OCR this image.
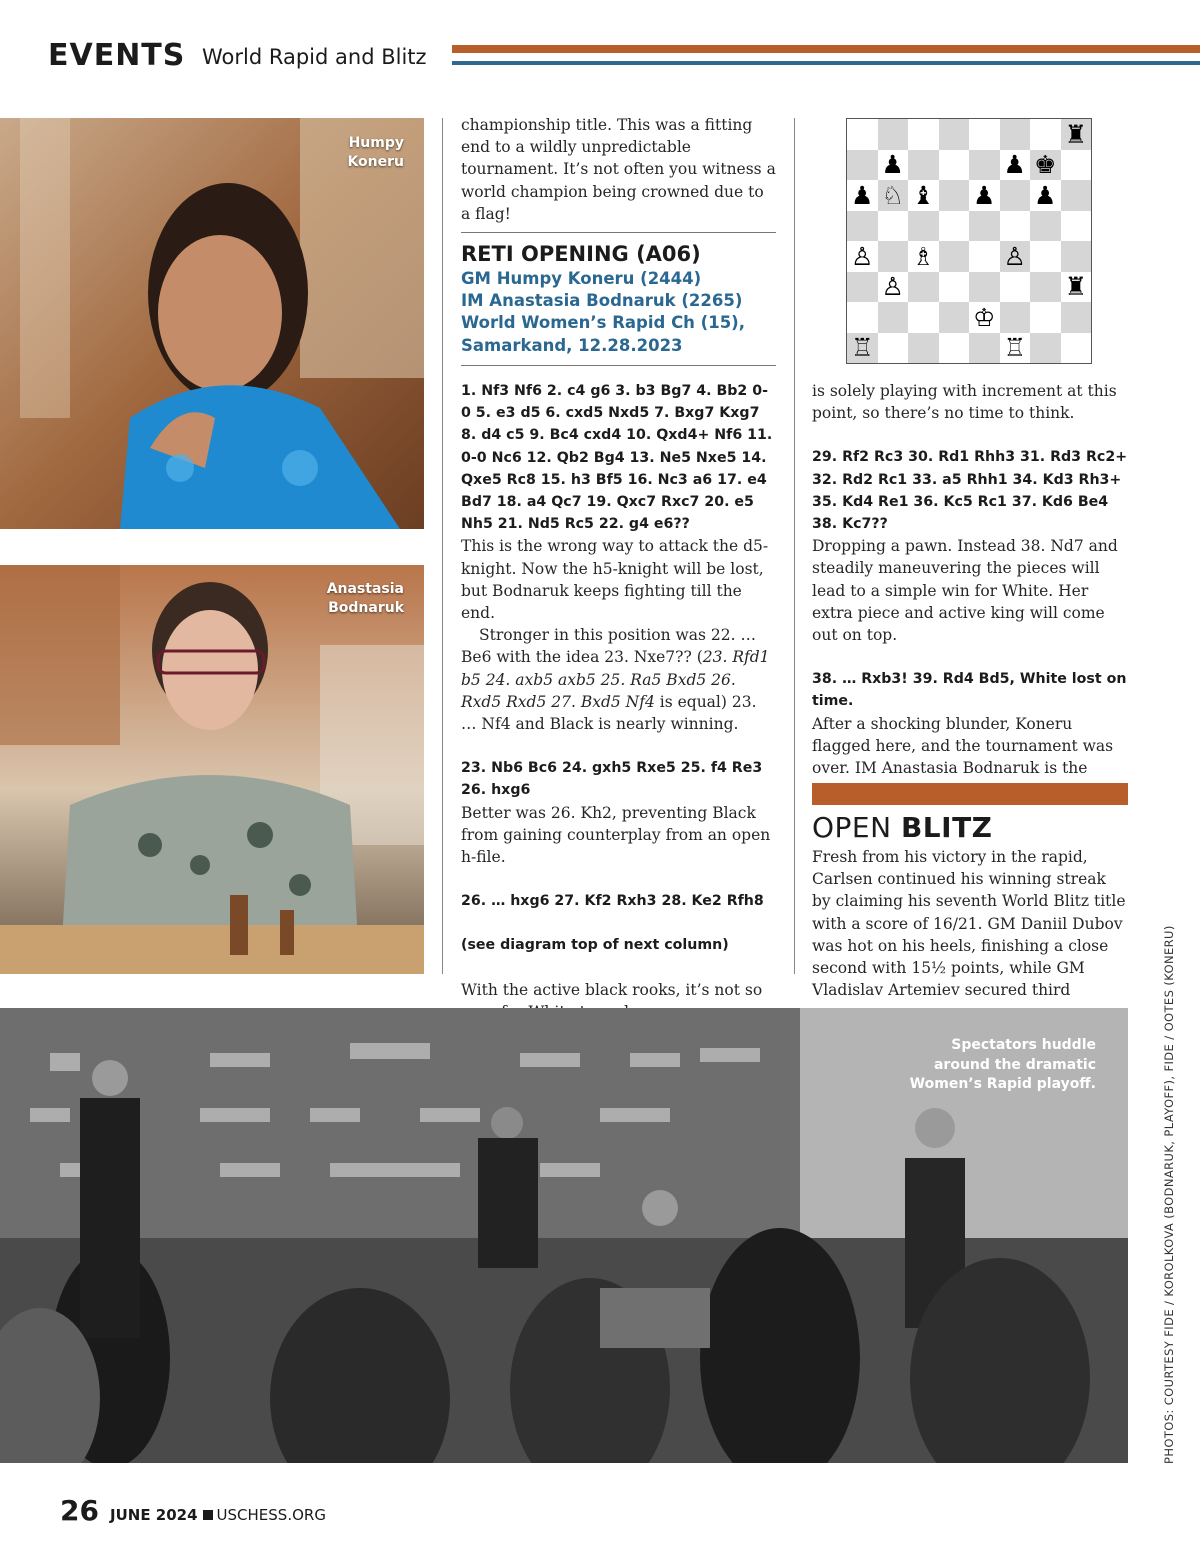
EVENTS World Rapid and Blitz
Humpy
Koneru
Anastasia
Bodnaruk

championship title. This was a fitting end to a wildly unpredictable tournament. It’s not often you witness a world champion being crowned due to a flag!

RETI OPENING (A06)
GM Humpy Koneru (2444)
IM Anastasia Bodnaruk (2265)
World Women’s Rapid Ch (15),
Samarkand, 12.28.2023

1. Nf3 Nf6 2. c4 g6 3. b3 Bg7 4. Bb2 0-0 5. e3 d5 6. cxd5 Nxd5 7. Bxg7 Kxg7 8. d4 c5 9. Bc4 cxd4 10. Qxd4+ Nf6 11. 0-0 Nc6 12. Qb2 Bg4 13. Ne5 Nxe5 14. Qxe5 Rc8 15. h3 Bf5 16. Nc3 a6 17. e4 Bd7 18. a4 Qc7 19. Qxc7 Rxc7 20. e5 Nh5 21. Nd5 Rc5 22. g4 e6??

This is the wrong way to attack the d5-knight. Now the h5-knight will be lost, but Bodnaruk keeps fighting till the end.

Stronger in this position was 22. … Be6 with the idea 23. Nxe7?? (23. Rfd1 b5 24. axb5 axb5 25. Ra5 Bxd5 26. Rxd5 Rxd5 27. Bxd5 Nf4 is equal) 23. … Nf4 and Black is nearly winning.

23. Nb6 Bc6 24. gxh5 Rxe5 25. f4 Re3 26. hxg6

Better was 26. Kh2, preventing Black from gaining counterplay from an open h-file.

26. … hxg6 27. Kf2 Rxh3 28. Ke2 Rfh8

(see diagram top of next column)

With the active black rooks, it’s not so

♜
♟	♟ ♚
♟ ♘ ♝ ♟ ♟
♙ ♗	♙
♙	♜
♔
♖	♖

is solely playing with increment at this point, so there’s no time to think.

29. Rf2 Rc3 30. Rd1 Rhh3 31. Rd3 Rc2+ 32. Rd2 Rc1 33. a5 Rhh1 34. Kd3 Rh3+ 35. Kd4 Re1 36. Kc5 Rc1 37. Kd6 Be4 38. Kc7??

Dropping a pawn. Instead 38. Nd7 and steadily maneuvering the pieces will lead to a simple win for White. Her extra piece and active king will come out on top.

38. … Rxb3! 39. Rd4 Bd5, White lost on time.

After a shocking blunder, Koneru flagged here, and the tournament was over. IM Anastasia Bodnaruk is the

OPEN BLITZ

Fresh from his victory in the rapid, Carlsen continued his winning streak by claiming his seventh World Blitz title with a score of 16/21. GM Daniil Dubov was hot on his heels, finishing a close second with 15½ points, while GM Vladislav Artemiev secured third

Spectators huddle
around the dramatic
Women’s Rapid playoff.	PHOTOS: COURTESY FIDE / KOROLKOVA (BODNARUK, PLAYOFF), FIDE / OOTES (KONERU)
26 JUNE 2024 USCHESS.ORG
